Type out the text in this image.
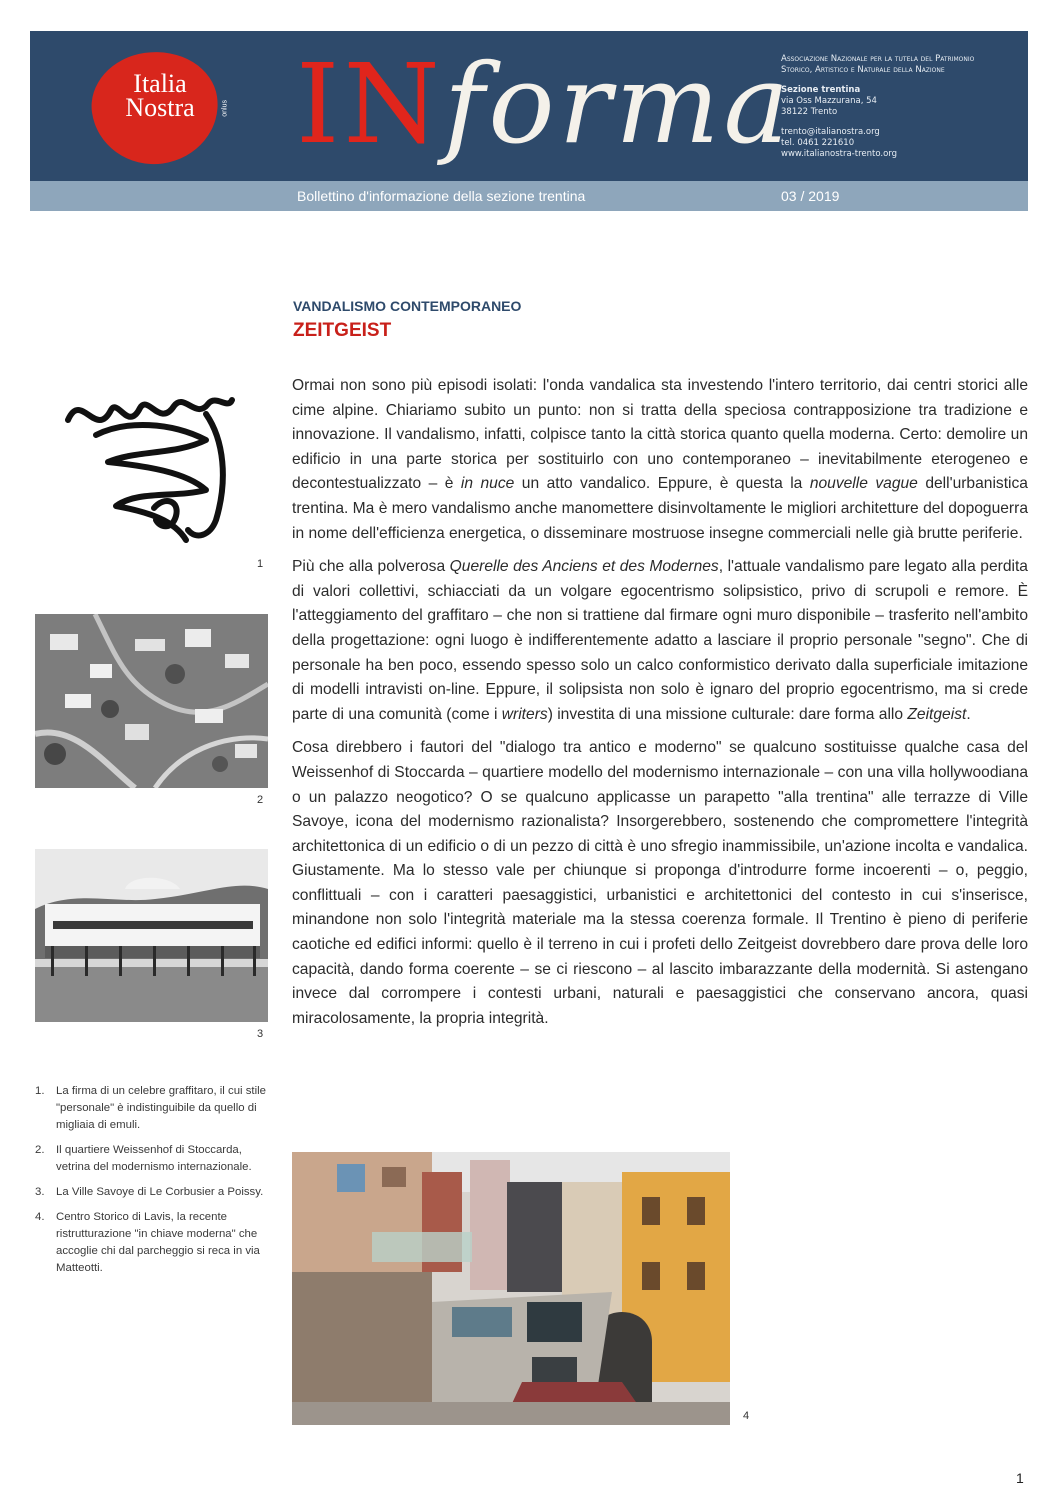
Italia
Nostra	onlus INforma
Associazione Nazionale per la tutela del Patrimonio
Storico, Artistico e Naturale della Nazione
Sezione trentina
via Oss Mazzurana, 54
38122 Trento
trento@italianostra.org
tel. 0461 221610
www.italianostra-trento.org
Bollettino d'informazione della sezione trentina	03 / 2019
1
2
3
1. La firma di un celebre graffitaro, il cui stile "personale" è indistinguibile da quello di migliaia di emuli.
2. Il quartiere Weissenhof di Stoccarda, vetrina del modernismo internazionale.
3. La Ville Savoye di Le Corbusier a Poissy.
4. Centro Storico di Lavis, la recente ristrutturazione "in chiave moderna" che accoglie chi dal parcheggio si reca in via Matteotti.
VANDALISMO CONTEMPORANEO
ZEITGEIST

Ormai non sono più episodi isolati: l'onda vandalica sta investendo l'intero territorio, dai centri storici alle cime alpine. Chiariamo subito un punto: non si tratta della speciosa contrapposizione tra tradizione e innovazione. Il vandalismo, infatti, colpisce tanto la città storica quanto quella moderna. Certo: demolire un edificio in una parte storica per sostituirlo con uno contemporaneo – inevitabilmente eterogeneo e decontestualizzato – è in nuce un atto vandalico. Eppure, è questa la nouvelle vague dell'urbanistica trentina. Ma è mero vandalismo anche manomettere disinvoltamente le migliori architetture del dopoguerra in nome dell'efficienza energetica, o disseminare mostruose insegne commerciali nelle già brutte periferie.

Più che alla polverosa Querelle des Anciens et des Modernes, l'attuale vandalismo pare legato alla perdita di valori collettivi, schiacciati da un volgare egocentrismo solipsistico, privo di scrupoli e remore. È l'atteggiamento del graffitaro – che non si trattiene dal firmare ogni muro disponibile – trasferito nell'ambito della progettazione: ogni luogo è indifferentemente adatto a lasciare il proprio personale "segno". Che di personale ha ben poco, essendo spesso solo un calco conformistico derivato dalla superficiale imitazione di modelli intravisti on-line. Eppure, il solipsista non solo è ignaro del proprio egocentrismo, ma si crede parte di una comunità (come i writers) investita di una missione culturale: dare forma allo Zeitgeist.

Cosa direbbero i fautori del "dialogo tra antico e moderno" se qualcuno sostituisse qualche casa del Weissenhof di Stoccarda – quartiere modello del modernismo internazionale – con una villa hollywoodiana o un palazzo neogotico? O se qualcuno applicasse un parapetto "alla trentina" alle terrazze di Ville Savoye, icona del modernismo razionalista? Insorgerebbero, sostenendo che compromettere l'integrità architettonica di un edificio o di un pezzo di città è uno sfregio inammissibile, un'azione incolta e vandalica. Giustamente. Ma lo stesso vale per chiunque si proponga d'introdurre forme incoerenti – o, peggio, conflittuali – con i caratteri paesaggistici, urbanistici e architettonici del contesto in cui s'inserisce, minandone non solo l'integrità materiale ma la stessa coerenza formale. Il Trentino è pieno di periferie caotiche ed edifici informi: quello è il terreno in cui i profeti dello Zeitgeist dovrebbero dare prova delle loro capacità, dando forma coerente – se ci riescono – al lascito imbarazzante della modernità. Si astengano invece dal corrompere i contesti urbani, naturali e paesaggistici che conservano ancora, quasi miracolosamente, la propria integrità.

4
1
